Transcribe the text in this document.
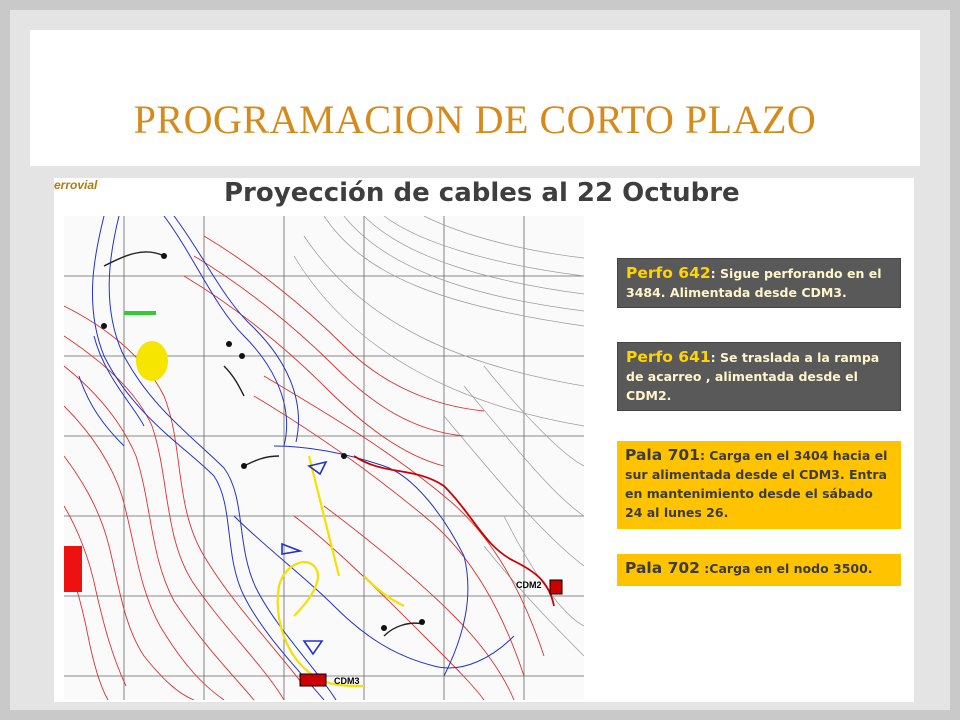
PROGRAMACION DE CORTO PLAZO
errovial	Proyección de cables al 22 Octubre
CDM2
CDM3
Perfo 642: Sigue perforando en el 3484. Alimentada desde CDM3.
Perfo 641: Se traslada a la rampa de acarreo , alimentada desde el CDM2.
Pala 701: Carga en el 3404 hacia el sur alimentada desde el CDM3. Entra en mantenimiento desde el sábado 24 al lunes 26.
Pala 702 :Carga en el nodo 3500.
